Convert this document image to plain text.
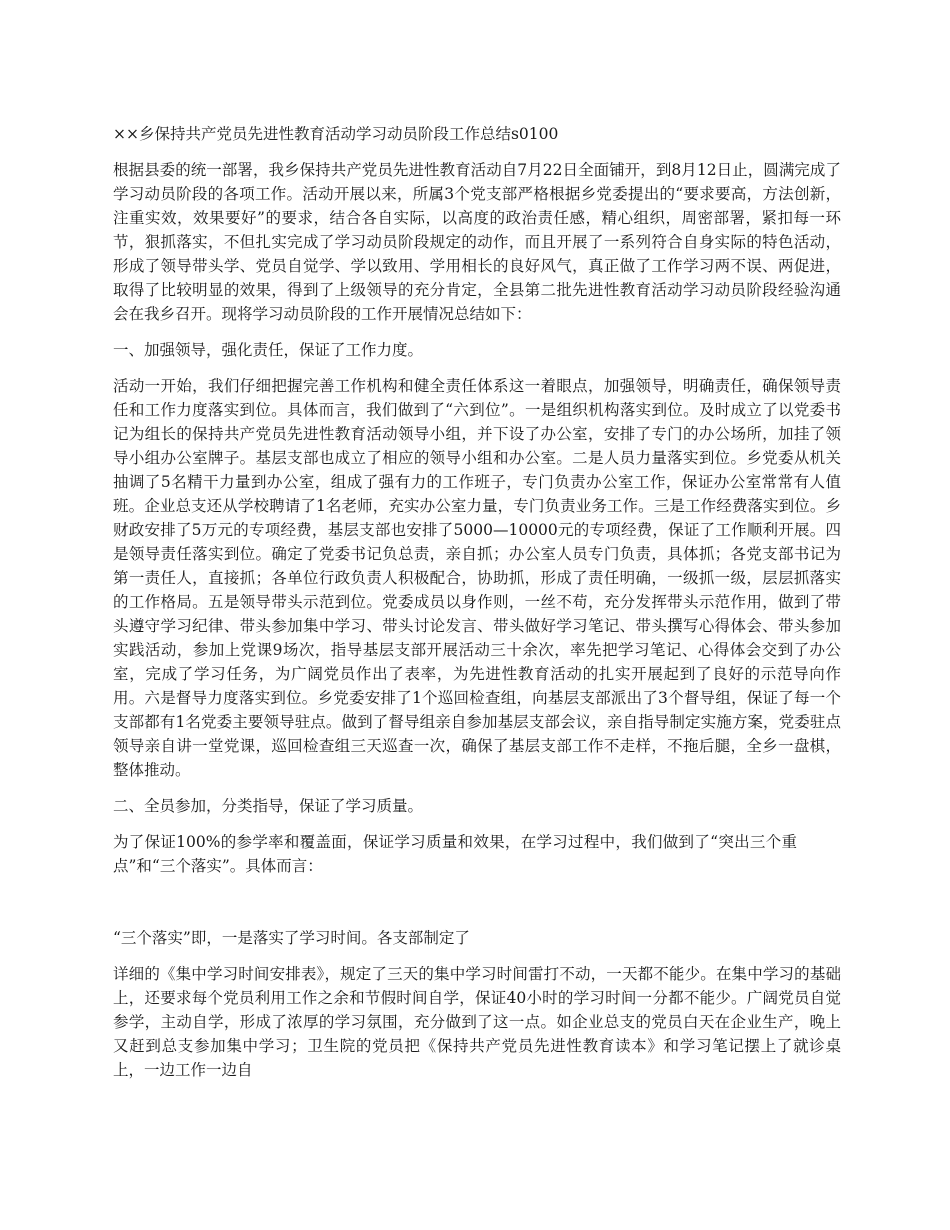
××乡保持共产党员先进性教育活动学习动员阶段工作总结s0100

根据县委的统一部署，我乡保持共产党员先进性教育活动自7月22日全面铺开，到8月12日止，圆满完成了学习动员阶段的各项工作。活动开展以来，所属3个党支部严格根据乡党委提出的“要求要高，方法创新，注重实效，效果要好”的要求，结合各自实际，以高度的政治责任感，精心组织，周密部署，紧扣每一环节，狠抓落实，不但扎实完成了学习动员阶段规定的动作，而且开展了一系列符合自身实际的特色活动，形成了领导带头学、党员自觉学、学以致用、学用相长的良好风气，真正做了工作学习两不误、两促进，取得了比较明显的效果，得到了上级领导的充分肯定，全县第二批先进性教育活动学习动员阶段经验沟通会在我乡召开。现将学习动员阶段的工作开展情况总结如下：

一、加强领导，强化责任，保证了工作力度。

活动一开始，我们仔细把握完善工作机构和健全责任体系这一着眼点，加强领导，明确责任，确保领导责任和工作力度落实到位。具体而言，我们做到了“六到位”。一是组织机构落实到位。及时成立了以党委书记为组长的保持共产党员先进性教育活动领导小组，并下设了办公室，安排了专门的办公场所，加挂了领导小组办公室牌子。基层支部也成立了相应的领导小组和办公室。二是人员力量落实到位。乡党委从机关抽调了5名精干力量到办公室，组成了强有力的工作班子，专门负责办公室工作，保证办公室常常有人值班。企业总支还从学校聘请了1名老师，充实办公室力量，专门负责业务工作。三是工作经费落实到位。乡财政安排了5万元的专项经费，基层支部也安排了5000—10000元的专项经费，保证了工作顺利开展。四是领导责任落实到位。确定了党委书记负总责，亲自抓；办公室人员专门负责，具体抓；各党支部书记为第一责任人，直接抓；各单位行政负责人积极配合，协助抓，形成了责任明确，一级抓一级，层层抓落实的工作格局。五是领导带头示范到位。党委成员以身作则，一丝不苟，充分发挥带头示范作用，做到了带头遵守学习纪律、带头参加集中学习、带头讨论发言、带头做好学习笔记、带头撰写心得体会、带头参加实践活动，参加上党课9场次，指导基层支部开展活动三十余次，率先把学习笔记、心得体会交到了办公室，完成了学习任务，为广阔党员作出了表率，为先进性教育活动的扎实开展起到了良好的示范导向作用。六是督导力度落实到位。乡党委安排了1个巡回检查组，向基层支部派出了3个督导组，保证了每一个支部都有1名党委主要领导驻点。做到了督导组亲自参加基层支部会议，亲自指导制定实施方案，党委驻点领导亲自讲一堂党课，巡回检查组三天巡查一次，确保了基层支部工作不走样，不拖后腿，全乡一盘棋，整体推动。

二、全员参加，分类指导，保证了学习质量。

为了保证100%的参学率和覆盖面，保证学习质量和效果，在学习过程中，我们做到了“突出三个重点”和“三个落实”。具体而言：

“三个落实”即，一是落实了学习时间。各支部制定了

详细的《集中学习时间安排表》，规定了三天的集中学习时间雷打不动，一天都不能少。在集中学习的基础上，还要求每个党员利用工作之余和节假时间自学，保证40小时的学习时间一分都不能少。广阔党员自觉参学，主动自学，形成了浓厚的学习氛围，充分做到了这一点。如企业总支的党员白天在企业生产，晚上又赶到总支参加集中学习；卫生院的党员把《保持共产党员先进性教育读本》和学习笔记摆上了就诊桌上，一边工作一边自
